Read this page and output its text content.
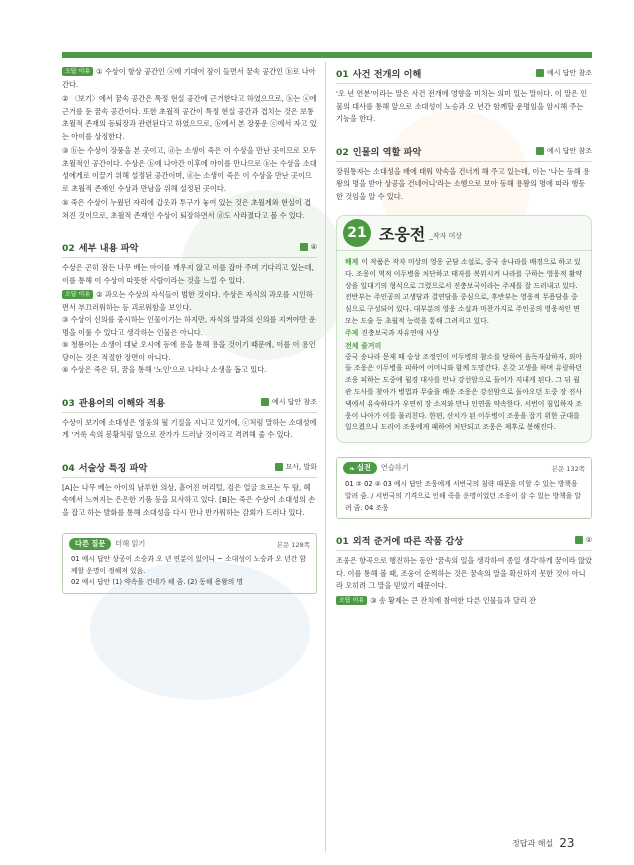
오답 이유 ① 수상이 항상 공간인 ⓐ에 기대어 잠이 들면서 꿈속 공간인 ⓑ로 나아간다.

② 〈보기〉에서 꿈속 공간은 특정 현실 공간에 근거한다고 하였으므로, ⓑ는 ⓐ에 근거를 둔 꿈속 공간이다. 또한 초월적 공간이 특정 현실 공간과 겹치는 것은 보통 초월적 존재의 등퇴장과 관련된다고 하였으므로, ⓑ에서 본 장풍운 ⓒ에서 자고 있는 아이를 상징한다.

③ ⓑ는 수상이 장풍을 본 곳이고, ⓓ는 소생이 죽은 이 수상을 만난 곳이므로 모두 초월적인 공간이다. 수상은 ⓑ에 나아간 이후에 아이를 만나므로 ⓑ는 수상을 소대성에게로 이끌기 위해 설정된 공간이며, ⓓ는 소생이 죽은 이 수상을 만난 곳이므로 초월적 존재인 수상과 만남을 위해 설정된 곳이다.

⑤ 죽은 수상이 누웠던 자리에 갑옷과 투구가 놓여 있는 것은 초월계와 현실이 겹쳐진 것이므로, 초월적 존재인 수상이 퇴장하면서 ⓓ도 사라졌다고 볼 수 있다.

02 세부 내용 파악	④

수상은 곤히 잠든 나무 베는 아이를 깨우지 않고 이를 잡아 주며 기다리고 있는데, 이를 통해 이 수상이 따뜻한 사람이라는 것을 느낄 수 있다.

오답 이유 ② 과오는 수상의 자식들이 범한 것이다. 수상은 자식의 과오를 시인하면서 부끄러워하는 등 괴로워함을 보인다.

③ 수상이 신의를 중시하는 인물이기는 하지만, 자식의 말과의 신의를 지켜야만 운명을 이룰 수 있다고 생각하는 인물은 아니다.

⑤ 청룡이는 소생이 대낮 오시에 등에 용을 통해 용을 것이기 때문에, 이를 이 용인당이는 것은 적절한 장면이 아니다.

⑤ 수상은 죽은 뒤, 꿈을 통해 '노인'으로 나타나 소생을 돕고 있다.

03 관용어의 이해와 적용	예시 답안 참조

수상이 보기에 소대성은 영웅의 될 기질을 지니고 있기에, ⓒ처럼 말하는 소대성에게 '거룩 속의 봉황처럼 앞으로 잔가가 드러날 것이라고 격려해 줄 수 있다.

04 서술상 특징 파악	묘사, 발화

[A]는 나무 베는 아이의 남루한 의상, 흩어진 머리털, 검은 얼굴 흐르는 두 땀, 헤 속에서 느껴지는 은은한 기품 등을 묘사하고 있다. [B]는 죽은 수상이 소대성의 손을 잡고 하는 발화를 통해 소대성을 다시 만나 반가워하는 감회가 드러나 있다.

다른 질문	더해 읽기	본문 128쪽

01 예시 답안 상공이 소승과 오 년 연분이 있어니 ~ 소대성이 노승과 오 년간 함께할 운명이 정해져 있음.

02 예시 답안 (1) 약속을 건네가 해 줌. (2) 동해 용왕의 명

01 사건 전개의 이해	예시 답안 참조

'오 년 연분'이라는 말은 사건 전개에 영향을 미치는 의미 있는 말이다. 이 말은 인물의 대사를 통해 앞으로 소대성이 노승과 오 년간 함께할 운명임을 암시해 주는 기능을 한다.

02 인물의 역할 파악	예시 답안 참조

장원통자는 소대성을 배에 태워 약속을 건너게 해 주고 있는데, 이는 '나는 동해 용왕의 명을 받아 상공을 건네어니'라는 소행으로 보아 동해 용왕의 명에 따라 행동한 것임을 알 수 있다.

21 조웅전 _작자 미상

해제 이 작품은 작자 미상의 영웅 군담 소설로, 중국 송나라를 배경으로 하고 있다. 조웅이 역적 이두병을 처단하고 태자를 복위시켜 나라를 구하는 영웅적 활약상을 일대기의 형식으로 그렸으로서 진충보국이라는 주제를 잘 드러내고 있다. 전반부는 주인공의 고생담과 결연담을 중심으로, 후반부는 영웅적 무용담을 중심으로 구성되어 있다. 대부분의 영웅 소설과 마찬가지로 주인공의 영웅적인 면모는 도술 등 초월적 능력을 통해 그려지고 있다.

주제 진충보국과 자유연애 사상

전체 줄거리

중국 송나라 문제 때 승상 조정인이 이두병의 참소를 당하여 음독자살하자, 외아들 조웅은 이두병을 피하여 어머니와 함께 도망간다. 온갖 고생을 하며 유랑하던 조웅 피하는 도중에 월경 대사를 만나 강선암으로 들어가 지내게 된다. 그 뒤 월관 도사를 찾아가 병법과 무술을 배운 조웅은 강선암으로 돌아오던 도중 장 진사 댁에서 유숙하다가 우연히 장 소저와 만나 인연을 약속한다. 서번이 침입하자 조웅이 나아가 이를 물리친다. 한편, 산서가 된 이두병이 조웅을 잡기 위한 군대를 일으켰으나 도리어 조웅에게 패하여 처단되고 조웅은 제후로 봉해진다.

❧ 실전 연습하기	본문 132쪽

01 ② 02 ④ 03 예시 답안 조웅에게 서번국의 침략 때문을 미할 수 있는 방책을 알려 줌. / 서번국의 기격으로 인해 죽을 운명이었던 조웅이 살 수 있는 방책을 알려 줌. 04 조웅

01 외적 준거에 따른 작품 감상	②

조웅은 항곡으로 행진하는 동안 '꿈속의 일을 생각하여 종일 생각'하게 꿈이라 않았다. 이를 통해 볼 때, 조웅이 순찍하는 것은 꿈속의 말을 확신하지 못한 것이 아니라 오히려 그 말을 믿었기 때문이다.

오답 이유 ③ 송 황제는 큰 잔치에 참여한 다른 인물들과 달리 잔

정답과 해설 23
